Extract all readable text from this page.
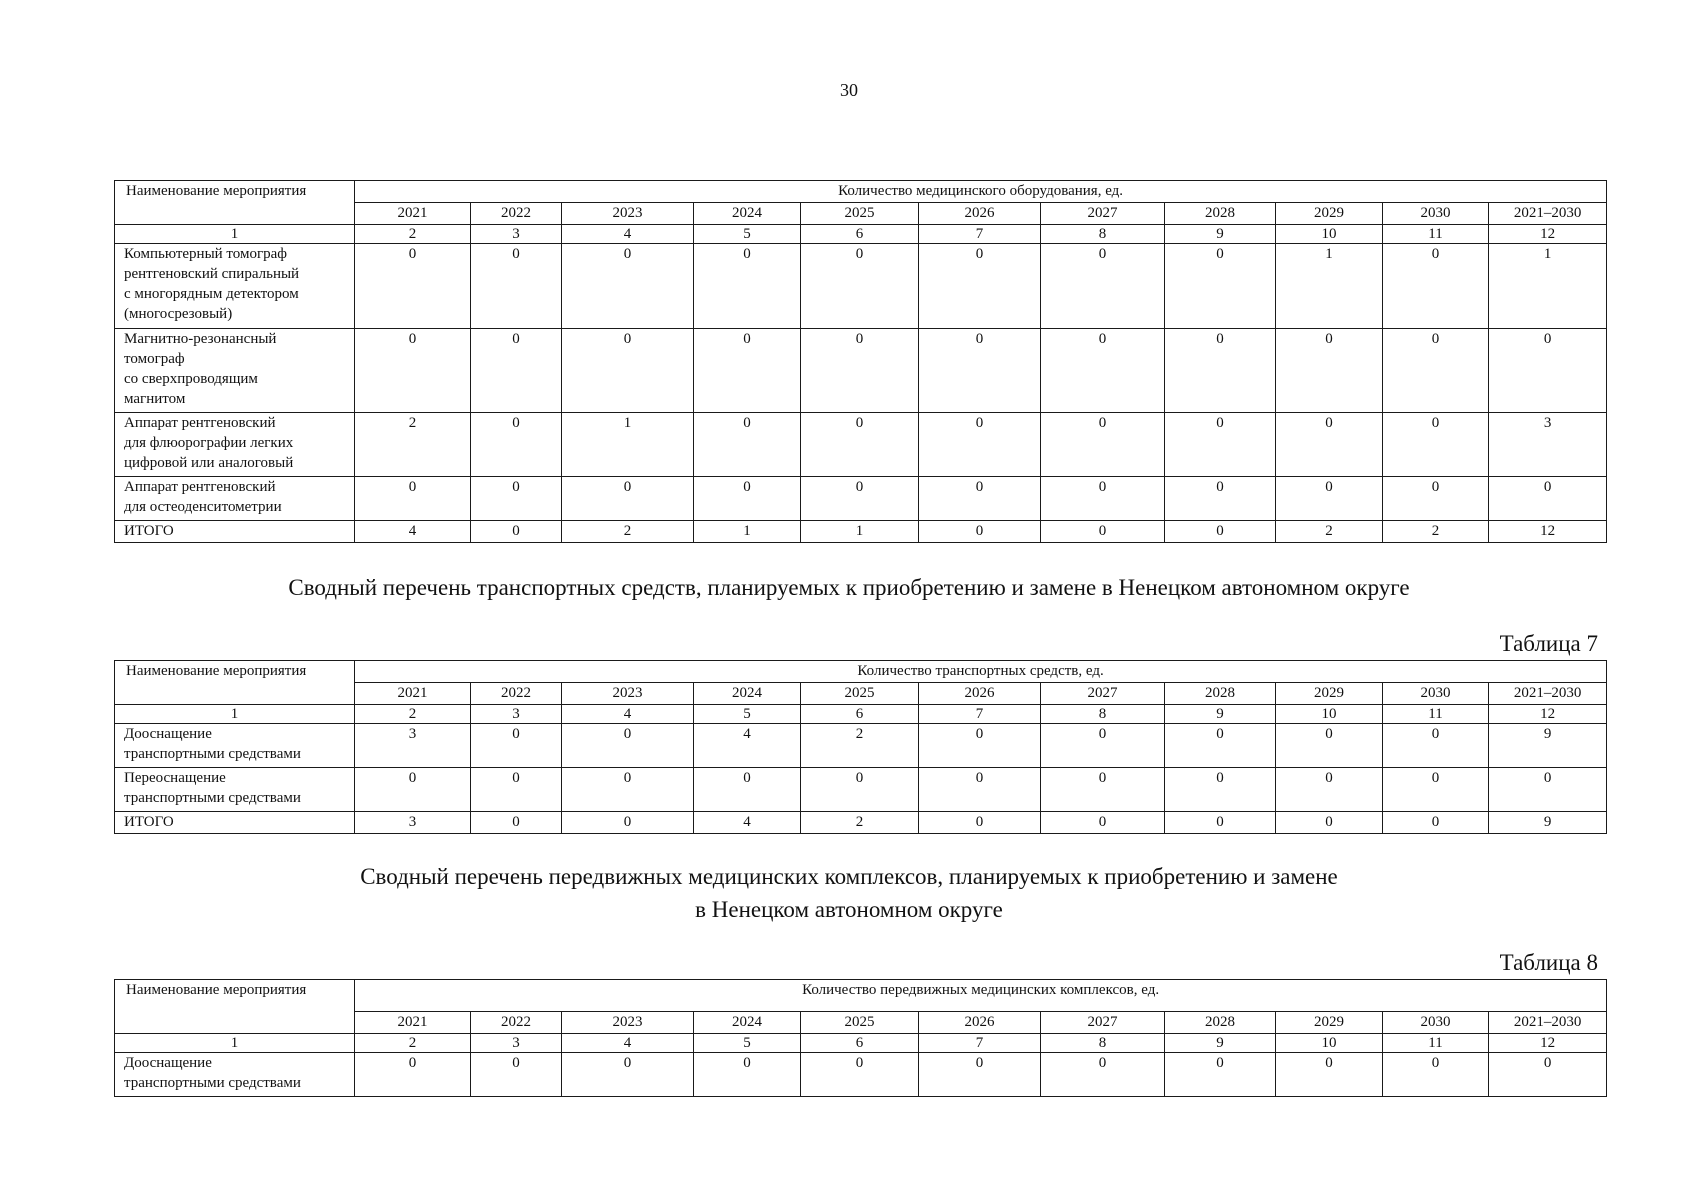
30
Наименование мероприятия	Количество медицинского оборудования, ед.										
	2021	2022	2023	2024	2025	2026	2027	2028	2029	2030	2021–2030
1	2	3	4	5	6	7	8	9	10	11	12

Компьютерный томограф
рентгеновский спиральный
с многорядным детектором
(многосрезовый)	0	0	0	0	0	0	0	0	1	0	1

Магнитно-резонансный
томограф
со сверхпроводящим
магнитом	0	0	0	0	0	0	0	0	0	0	0

Аппарат рентгеновский
для флюорографии легких
цифровой или аналоговый	2	0	1	0	0	0	0	0	0	0	3

Аппарат рентгеновский
для остеоденситометрии	0	0	0	0	0	0	0	0	0	0	0

ИТОГО	4	0	2	1	1	0	0	0	2	2	12
Сводный перечень транспортных средств, планируемых к приобретению и замене в Ненецком автономном округе
Таблица 7
Наименование мероприятия	Количество транспортных средств, ед.										
	2021	2022	2023	2024	2025	2026	2027	2028	2029	2030	2021–2030
1	2	3	4	5	6	7	8	9	10	11	12

Дооснащение
транспортными средствами	3	0	0	4	2	0	0	0	0	0	9

Переоснащение
транспортными средствами	0	0	0	0	0	0	0	0	0	0	0

ИТОГО	3	0	0	4	2	0	0	0	0	0	9
Сводный перечень передвижных медицинских комплексов, планируемых к приобретению и замене
в Ненецком автономном округе
Таблица 8
Наименование мероприятия	Количество передвижных медицинских комплексов, ед.										
	2021	2022	2023	2024	2025	2026	2027	2028	2029	2030	2021–2030
1	2	3	4	5	6	7	8	9	10	11	12

Дооснащение
транспортными средствами	0	0	0	0	0	0	0	0	0	0	0
